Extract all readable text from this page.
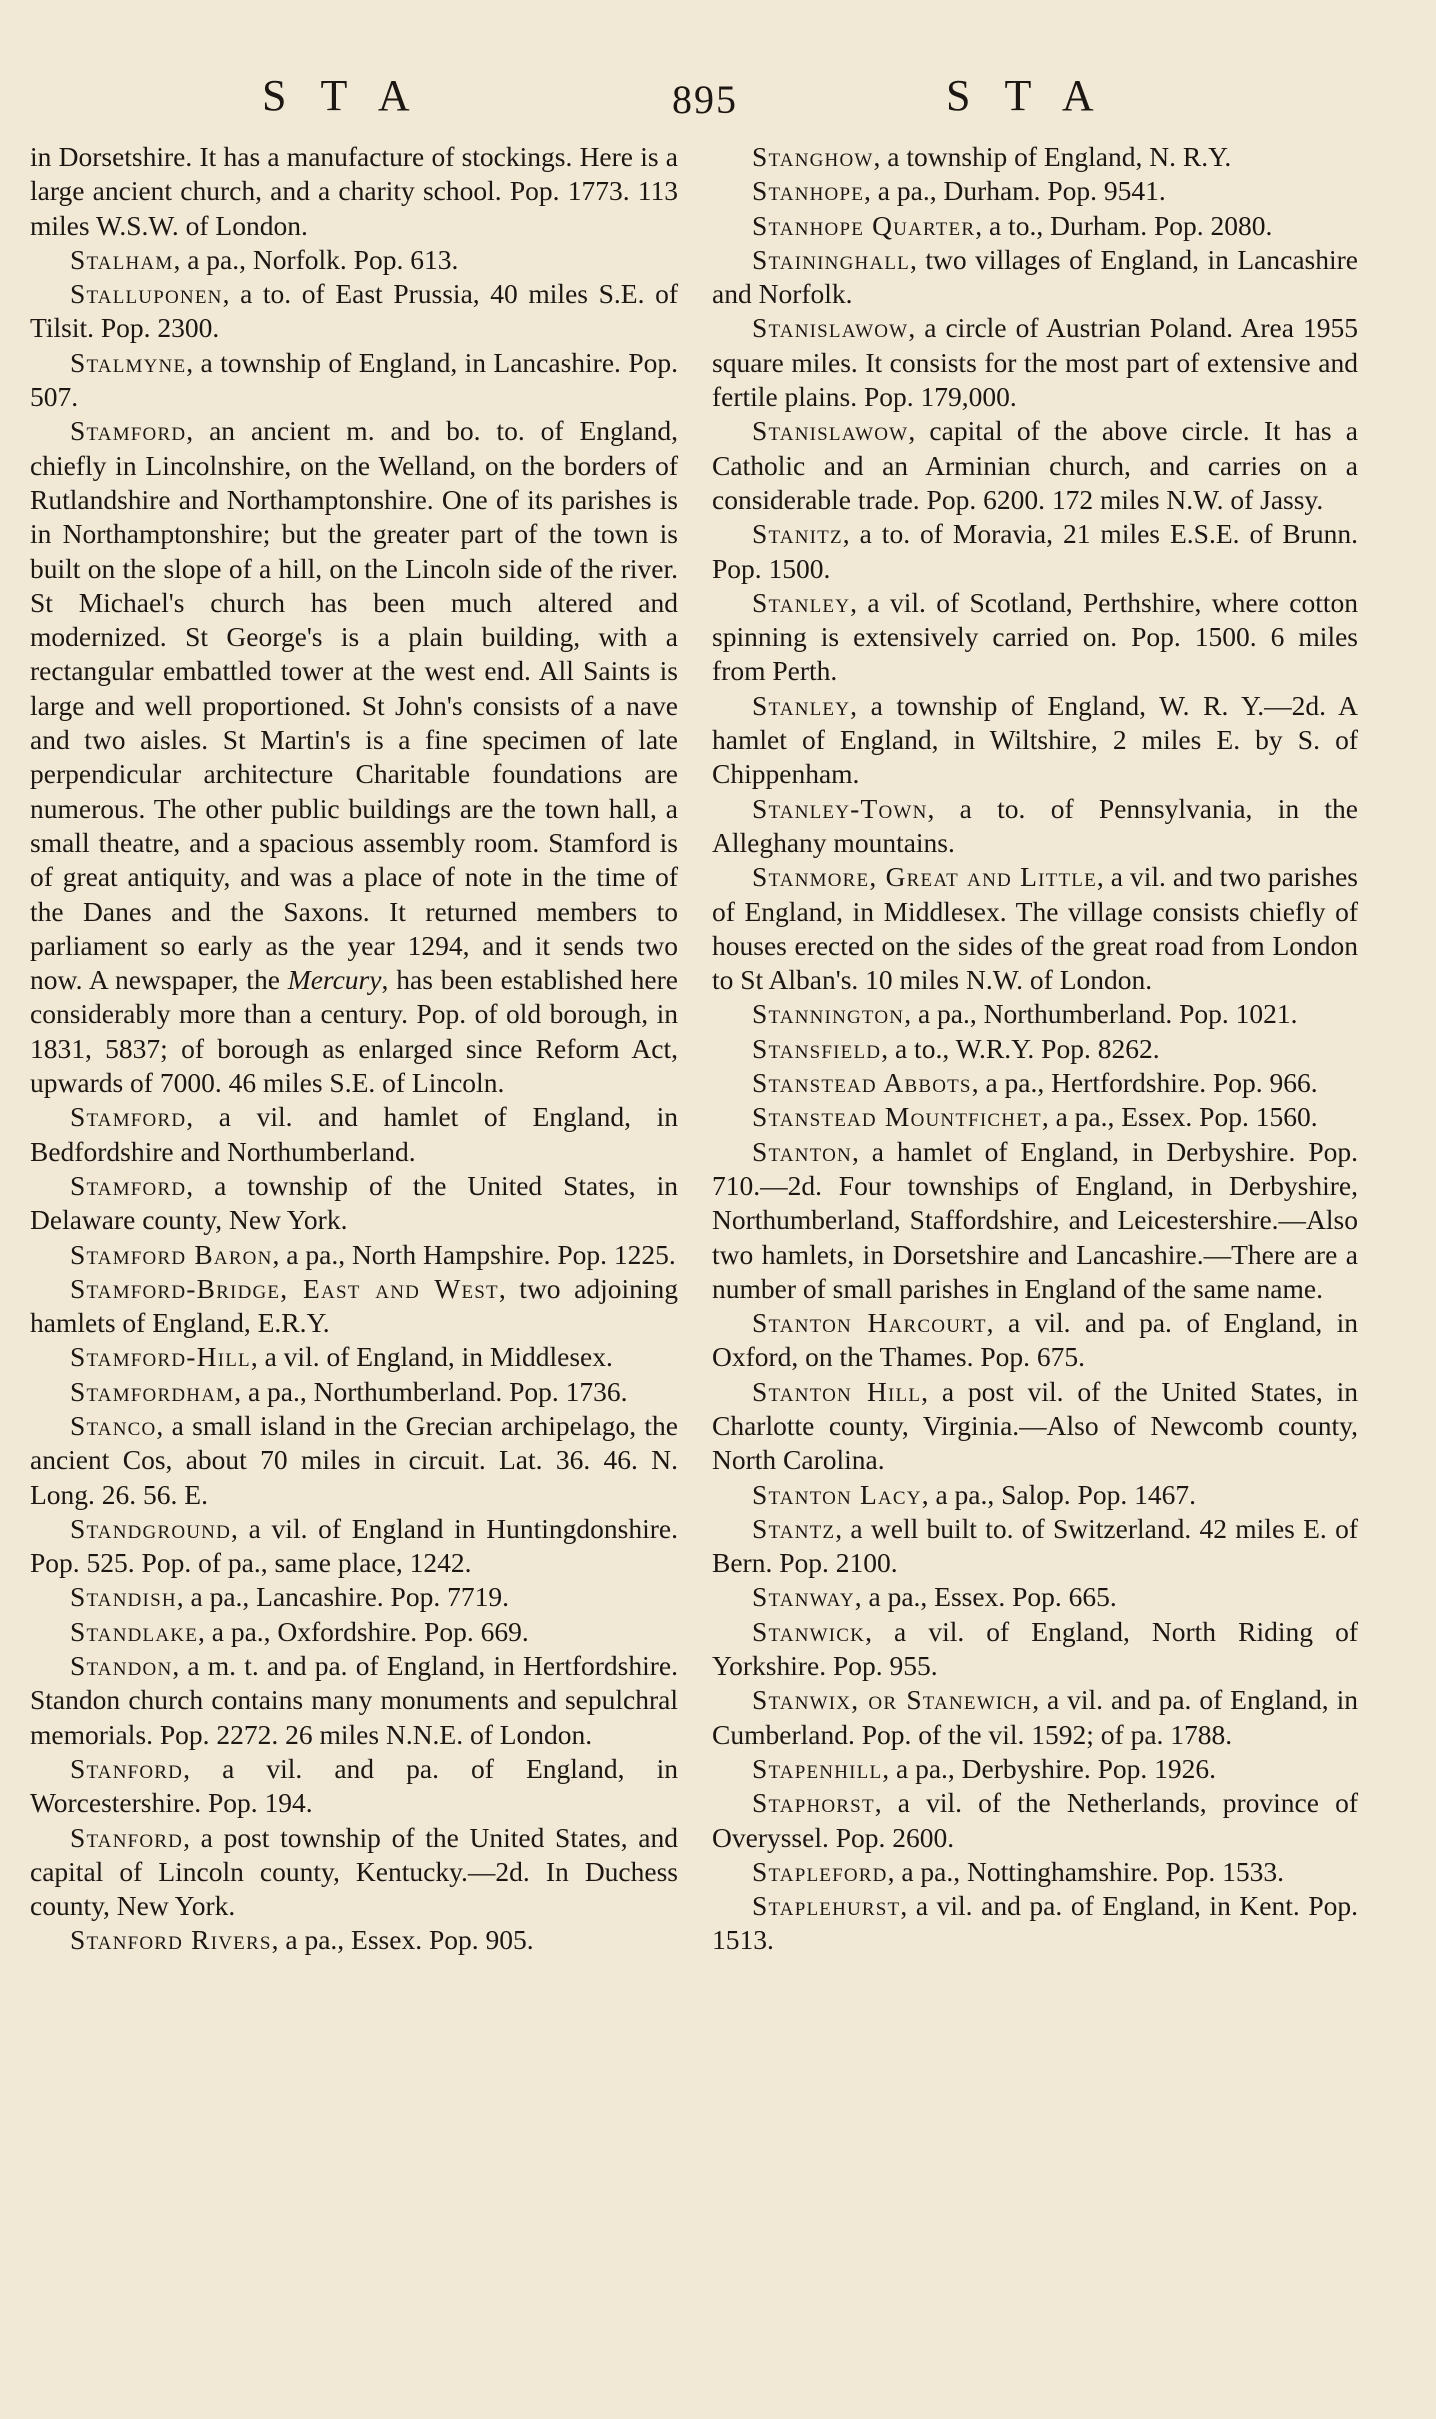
STA	895	STA

in Dorsetshire. It has a manufacture of stockings. Here is a large ancient church, and a charity school. Pop. 1773. 113 miles W.S.W. of London.

Stalham, a pa., Norfolk. Pop. 613.

Stalluponen, a to. of East Prussia, 40 miles S.E. of Tilsit. Pop. 2300.

Stalmyne, a township of England, in Lancashire. Pop. 507.

Stamford, an ancient m. and bo. to. of England, chiefly in Lincolnshire, on the Welland, on the borders of Rutlandshire and Northamptonshire. One of its parishes is in Northamptonshire; but the greater part of the town is built on the slope of a hill, on the Lincoln side of the river. St Michael's church has been much altered and modernized. St George's is a plain building, with a rectangular embattled tower at the west end. All Saints is large and well proportioned. St John's consists of a nave and two aisles. St Martin's is a fine specimen of late perpendicular architecture Charitable foundations are numerous. The other public buildings are the town hall, a small theatre, and a spacious assembly room. Stamford is of great antiquity, and was a place of note in the time of the Danes and the Saxons. It returned members to parliament so early as the year 1294, and it sends two now. A newspaper, the Mercury, has been established here considerably more than a century. Pop. of old borough, in 1831, 5837; of borough as enlarged since Reform Act, upwards of 7000. 46 miles S.E. of Lincoln.

Stamford, a vil. and hamlet of England, in Bedfordshire and Northumberland.

Stamford, a township of the United States, in Delaware county, New York.

Stamford Baron, a pa., North Hampshire. Pop. 1225.

Stamford-Bridge, East and West, two adjoining hamlets of England, E.R.Y.

Stamford-Hill, a vil. of England, in Middlesex.

Stamfordham, a pa., Northumberland. Pop. 1736.

Stanco, a small island in the Grecian archipelago, the ancient Cos, about 70 miles in circuit. Lat. 36. 46. N. Long. 26. 56. E.

Standground, a vil. of England in Huntingdonshire. Pop. 525. Pop. of pa., same place, 1242.

Standish, a pa., Lancashire. Pop. 7719.

Standlake, a pa., Oxfordshire. Pop. 669.

Standon, a m. t. and pa. of England, in Hertfordshire. Standon church contains many monuments and sepulchral memorials. Pop. 2272. 26 miles N.N.E. of London.

Stanford, a vil. and pa. of England, in Worcestershire. Pop. 194.

Stanford, a post township of the United States, and capital of Lincoln county, Kentucky.—2d. In Duchess county, New York.

Stanford Rivers, a pa., Essex. Pop. 905.

Stanghow, a township of England, N. R.Y.

Stanhope, a pa., Durham. Pop. 9541.

Stanhope Quarter, a to., Durham. Pop. 2080.

Staininghall, two villages of England, in Lancashire and Norfolk.

Stanislawow, a circle of Austrian Poland. Area 1955 square miles. It consists for the most part of extensive and fertile plains. Pop. 179,000.

Stanislawow, capital of the above circle. It has a Catholic and an Arminian church, and carries on a considerable trade. Pop. 6200. 172 miles N.W. of Jassy.

Stanitz, a to. of Moravia, 21 miles E.S.E. of Brunn. Pop. 1500.

Stanley, a vil. of Scotland, Perthshire, where cotton spinning is extensively carried on. Pop. 1500. 6 miles from Perth.

Stanley, a township of England, W. R. Y.—2d. A hamlet of England, in Wiltshire, 2 miles E. by S. of Chippenham.

Stanley-Town, a to. of Pennsylvania, in the Alleghany mountains.

Stanmore, Great and Little, a vil. and two parishes of England, in Middlesex. The village consists chiefly of houses erected on the sides of the great road from London to St Alban's. 10 miles N.W. of London.

Stannington, a pa., Northumberland. Pop. 1021.

Stansfield, a to., W.R.Y. Pop. 8262.

Stanstead Abbots, a pa., Hertfordshire. Pop. 966.

Stanstead Mountfichet, a pa., Essex. Pop. 1560.

Stanton, a hamlet of England, in Derbyshire. Pop. 710.—2d. Four townships of England, in Derbyshire, Northumberland, Staffordshire, and Leicestershire.—Also two hamlets, in Dorsetshire and Lancashire.—There are a number of small parishes in England of the same name.

Stanton Harcourt, a vil. and pa. of England, in Oxford, on the Thames. Pop. 675.

Stanton Hill, a post vil. of the United States, in Charlotte county, Virginia.—Also of Newcomb county, North Carolina.

Stanton Lacy, a pa., Salop. Pop. 1467.

Stantz, a well built to. of Switzerland. 42 miles E. of Bern. Pop. 2100.

Stanway, a pa., Essex. Pop. 665.

Stanwick, a vil. of England, North Riding of Yorkshire. Pop. 955.

Stanwix, or Stanewich, a vil. and pa. of England, in Cumberland. Pop. of the vil. 1592; of pa. 1788.

Stapenhill, a pa., Derbyshire. Pop. 1926.

Staphorst, a vil. of the Netherlands, province of Overyssel. Pop. 2600.

Stapleford, a pa., Nottinghamshire. Pop. 1533.

Staplehurst, a vil. and pa. of England, in Kent. Pop. 1513.
